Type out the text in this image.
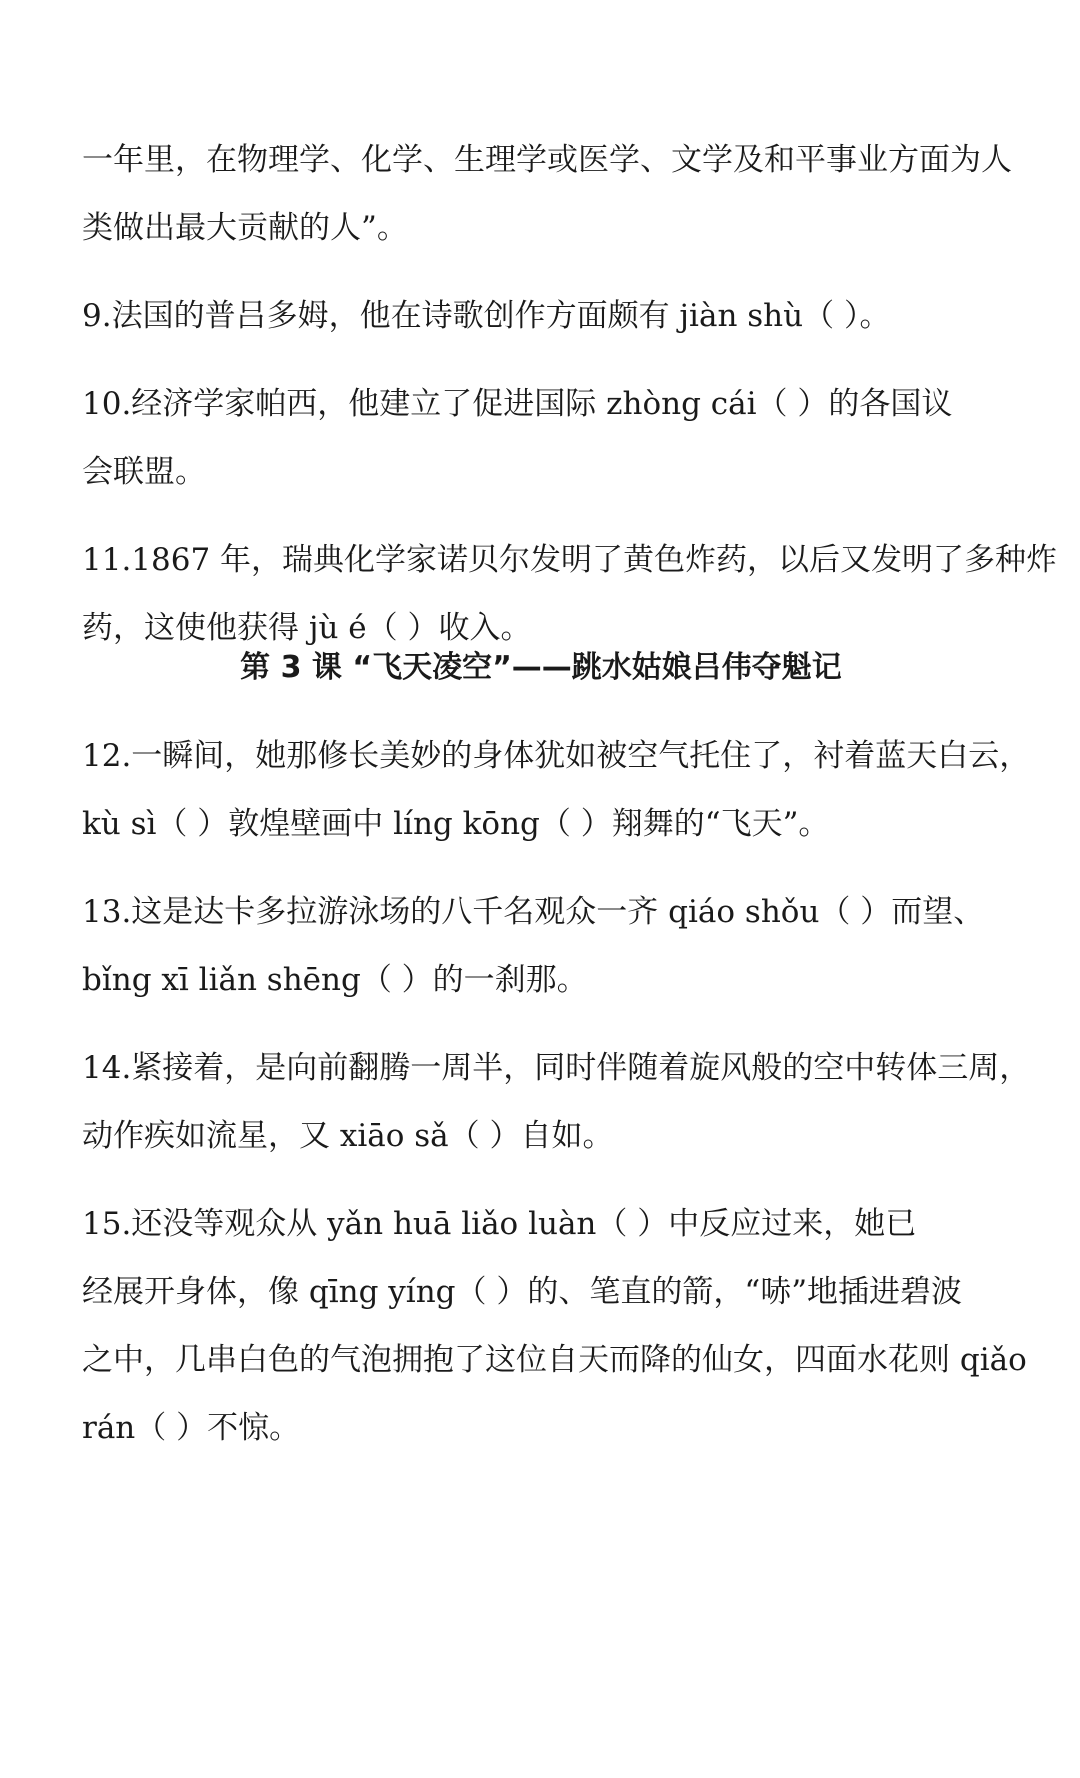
一年里，在物理学、化学、生理学或医学、文学及和平事业方面为人

类做出最大贡献的人”。

9.法国的普吕多姆，他在诗歌创作方面颇有 jiàn shù（ ）。

10.经济学家帕西，他建立了促进国际 zhòng cái（ ）的各国议

会联盟。

11.1867 年，瑞典化学家诺贝尔发明了黄色炸药，以后又发明了多种炸

药，这使他获得 jù é（ ）收入。

第 3 课 “飞天凌空”——跳水姑娘吕伟夺魁记

12.一瞬间，她那修长美妙的身体犹如被空气托住了，衬着蓝天白云，

kù sì（ ）敦煌壁画中 líng kōng（ ）翔舞的“飞天”。

13.这是达卡多拉游泳场的八千名观众一齐 qiáo shǒu（ ）而望、

bǐng xī liǎn shēng（ ）的一刹那。

14.紧接着，是向前翻腾一周半，同时伴随着旋风般的空中转体三周，

动作疾如流星，又 xiāo sǎ（ ）自如。

15.还没等观众从 yǎn huā liǎo luàn（ ）中反应过来，她已

经展开身体，像 qīng yíng（ ）的、笔直的箭，“哧”地插进碧波

之中，几串白色的气泡拥抱了这位自天而降的仙女，四面水花则 qiǎo

rán（ ）不惊。
